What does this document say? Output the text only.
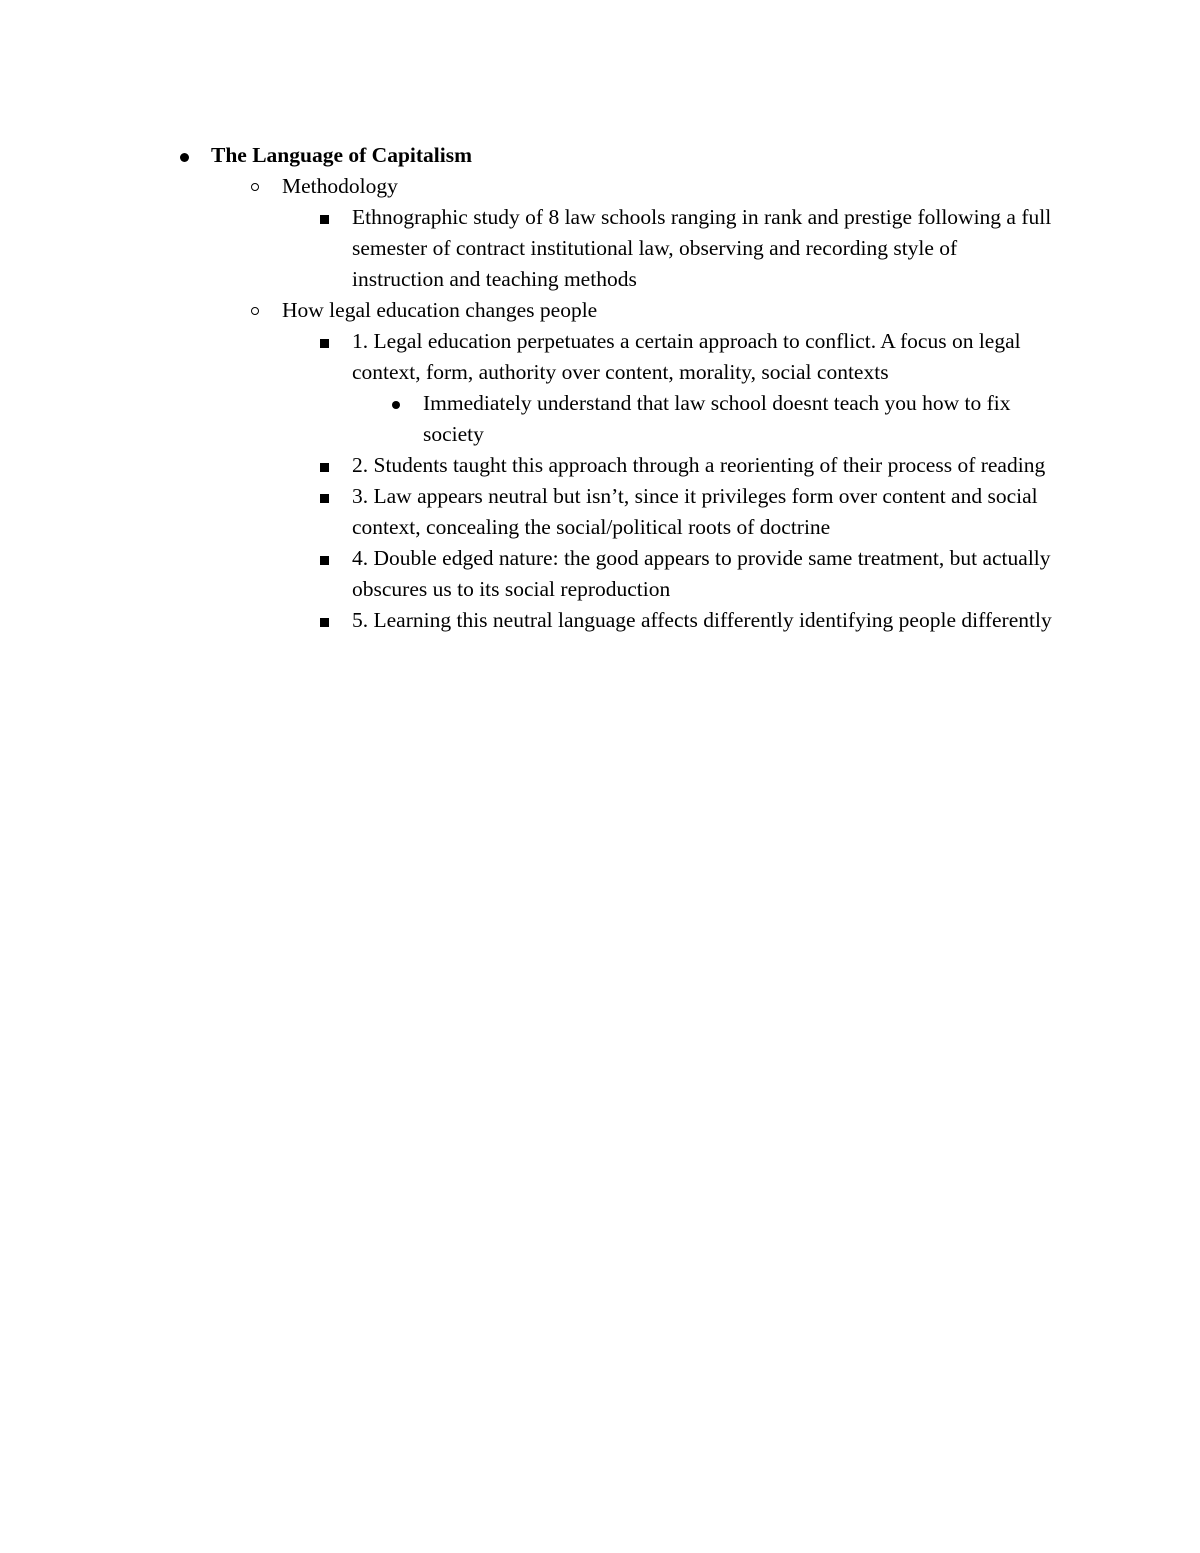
The Language of Capitalism
Methodology
Ethnographic study of 8 law schools ranging in rank and prestige following a full semester of contract institutional law, observing and recording style of instruction and teaching methods
How legal education changes people
1. Legal education perpetuates a certain approach to conflict. A focus on legal context, form, authority over content, morality, social contexts
Immediately understand that law school doesnt teach you how to fix society
2. Students taught this approach through a reorienting of their process of reading
3. Law appears neutral but isn’t, since it privileges form over content and social context, concealing the social/political roots of doctrine
4. Double edged nature: the good appears to provide same treatment, but actually obscures us to its social reproduction
5. Learning this neutral language affects differently identifying people differently
